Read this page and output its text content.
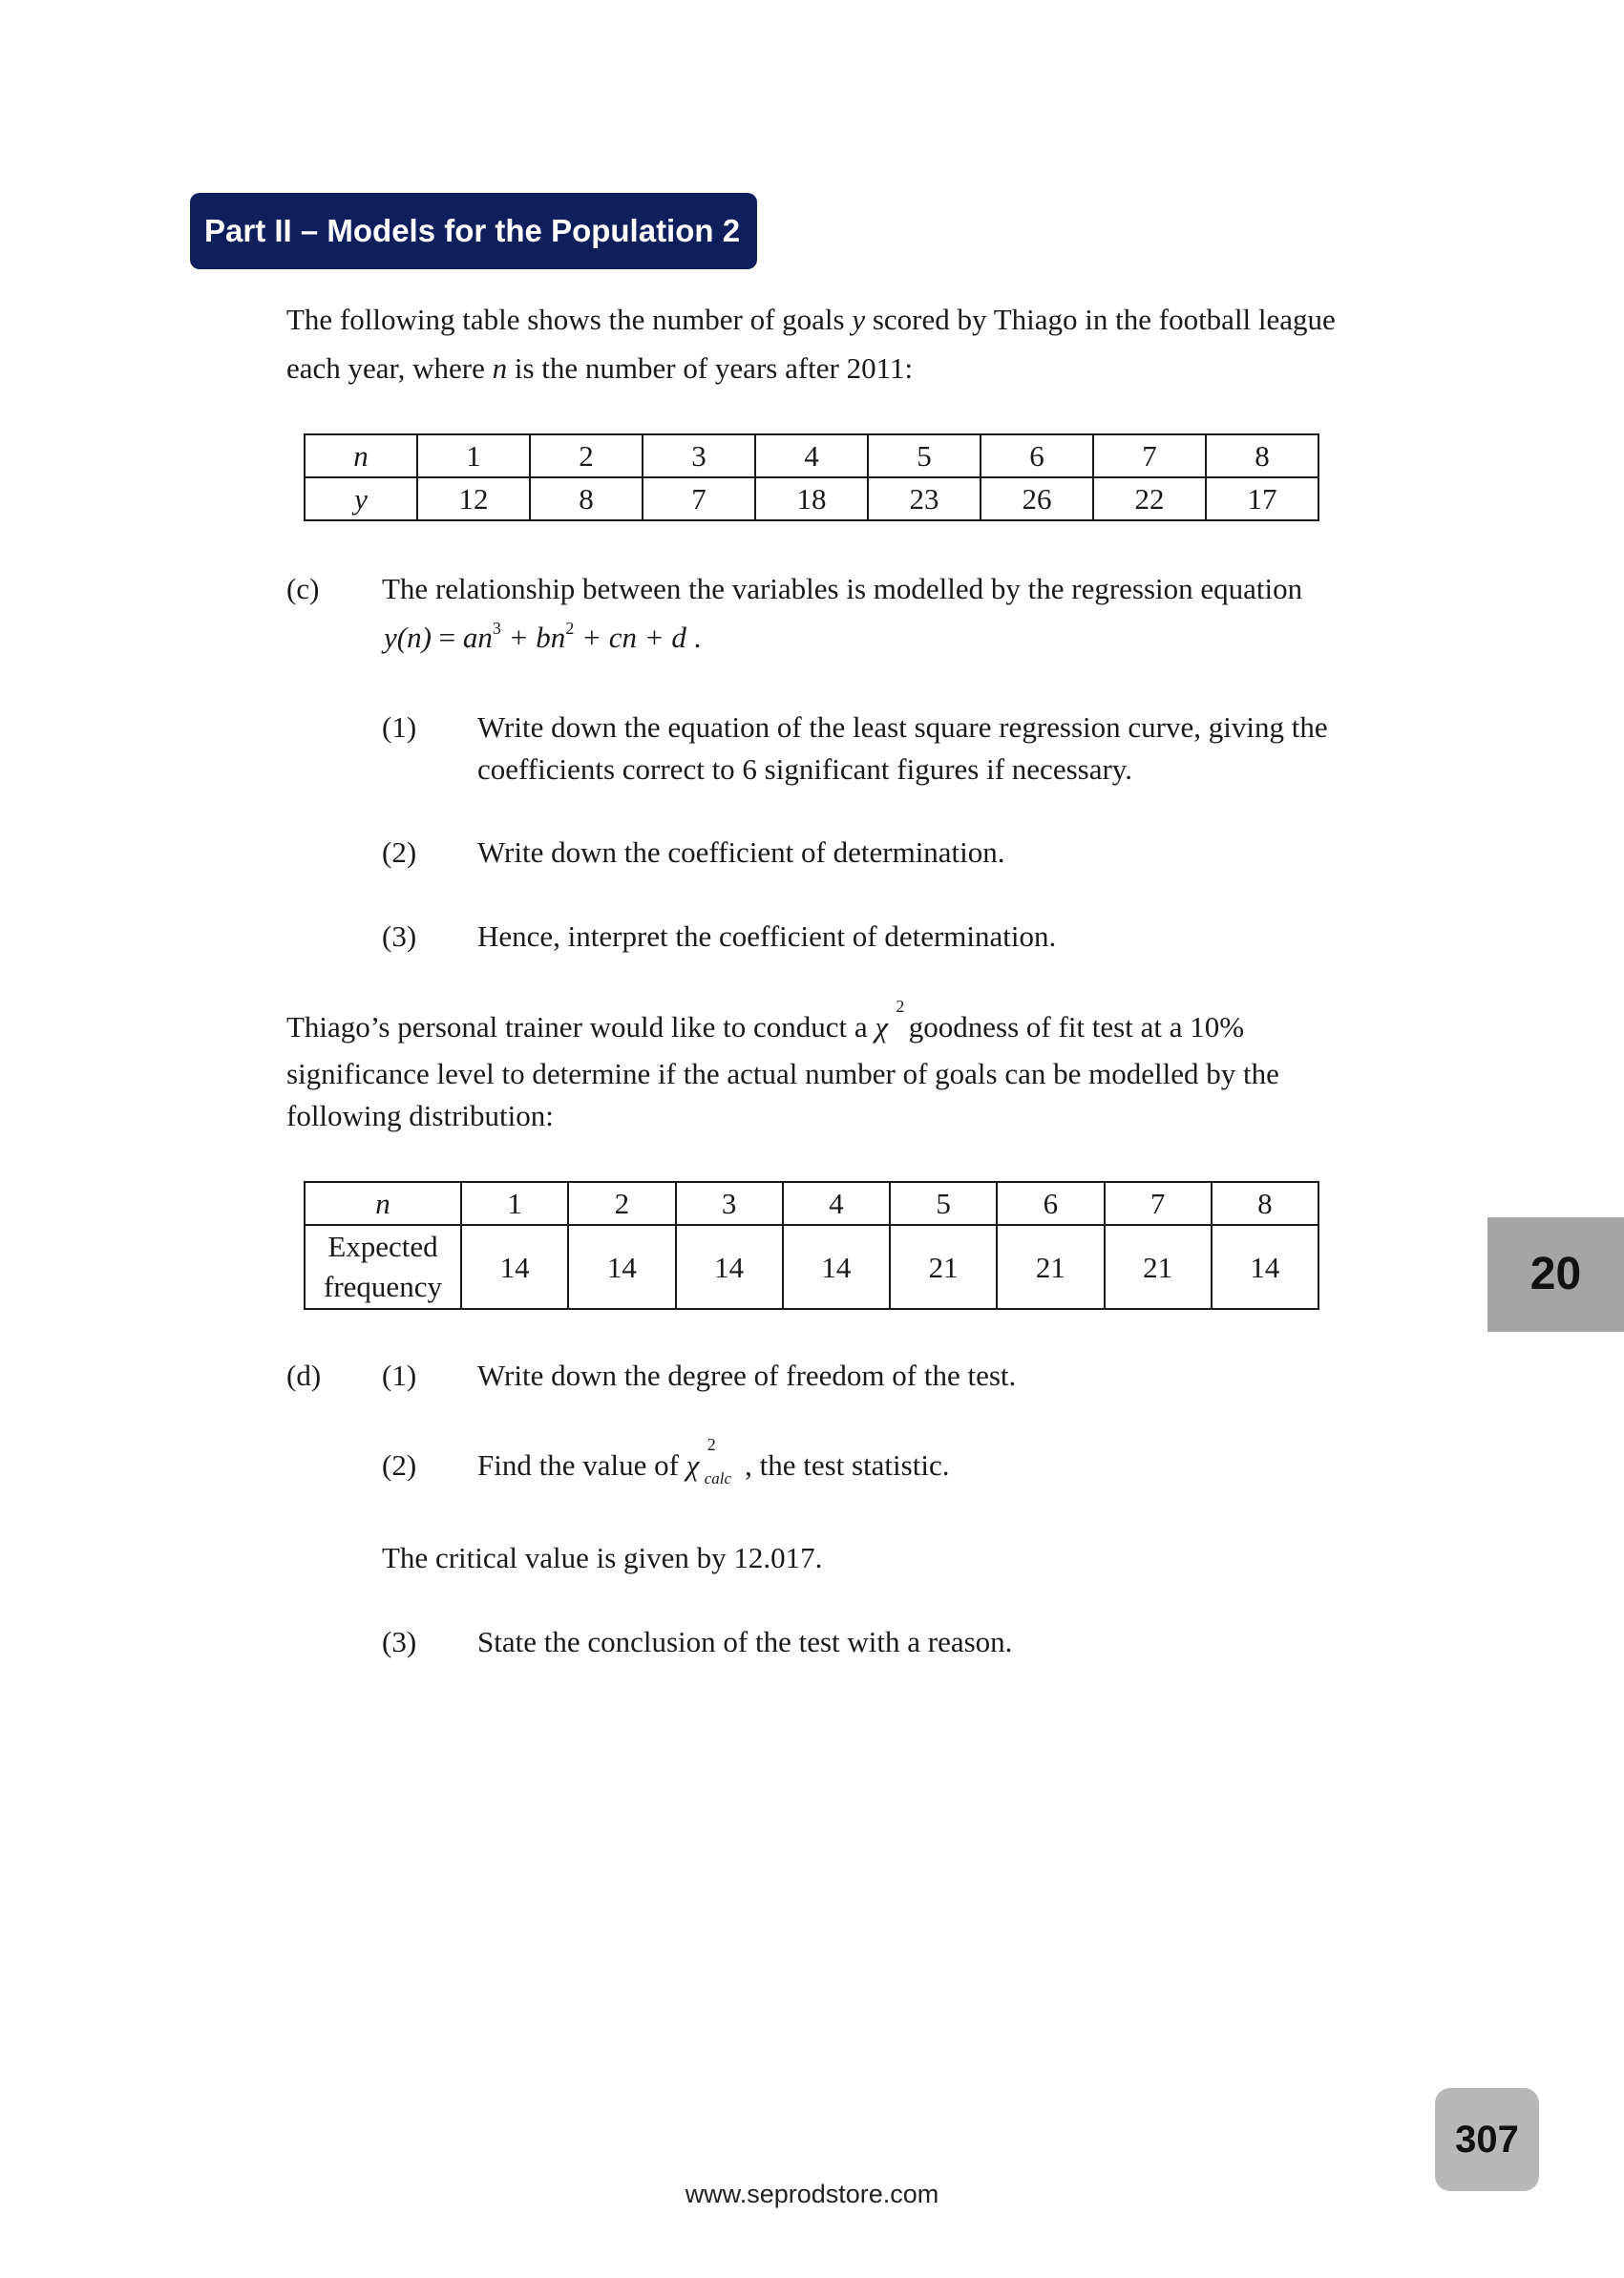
Part II – Models for the Population 2
The following table shows the number of goals y scored by Thiago in the football league
each year, where n is the number of years after 2011:
n	1	2	3	4	5	6	7	8
y	12	8	7	18	23	26	22	17
(c) The relationship between the variables is modelled by the regression equation
$y(n) = an^3 + bn^2$ + cn + d .
(1) Write down the equation of the least square regression curve, giving the
coefficients correct to 6 significant figures if necessary.
(2) Write down the coefficient of determination.
(3) Hence, interpret the coefficient of determination.
Thiago’s personal trainer would like to conduct a χ
2
goodness of fit test at a 10%
significance level to determine if the actual number of goals can be modelled by the
following distribution:
n	1	2	3	4	5	6	7	8

Expected
frequency	14	14	14	14	21	21	21	14
(d) (1) Write down the degree of freedom of the test.
(2) Find the value of χ
2
calc , the test statistic.
The critical value is given by 12.017.
(3) State the conclusion of the test with a reason.
20
307
www.seprodstore.com
